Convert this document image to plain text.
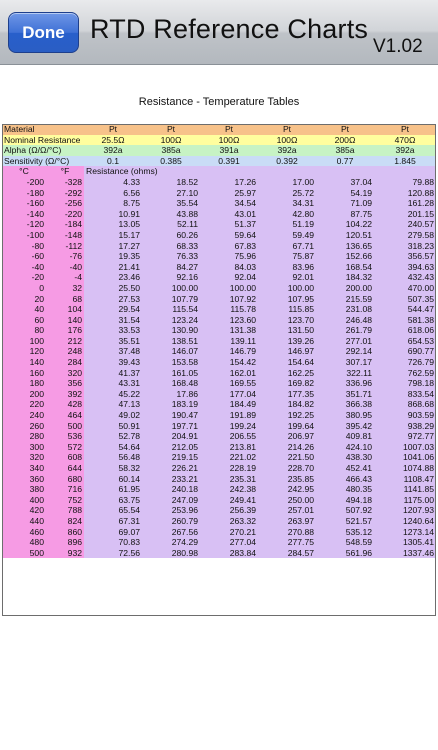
Done RTD Reference Charts
V1.02
Resistance - Temperature Tables
Material		Pt	Pt	Pt	Pt	Pt	Pt
Nominal Resistance		25.5Ω	100Ω	100Ω	100Ω	200Ω	470Ω
Alpha (Ω/Ω/°C)		392a	385a	391a	392a	385a	392a
Sensitivity (Ω/°C)		0.1	0.385	0.391	0.392	0.77	1.845
°C	°F	Resistance (ohms)					
-200	-328	4.33	18.52	17.26	17.00	37.04	79.88
-180	-292	6.56	27.10	25.97	25.72	54.19	120.88
-160	-256	8.75	35.54	34.54	34.31	71.09	161.28
-140	-220	10.91	43.88	43.01	42.80	87.75	201.15
-120	-184	13.05	52.11	51.37	51.19	104.22	240.57
-100	-148	15.17	60.26	59.64	59.49	120.51	279.58
-80	-112	17.27	68.33	67.83	67.71	136.65	318.23
-60	-76	19.35	76.33	75.96	75.87	152.66	356.57
-40	-40	21.41	84.27	84.03	83.96	168.54	394.63
-20	-4	23.46	92.16	92.04	92.01	184.32	432.43
0	32	25.50	100.00	100.00	100.00	200.00	470.00
20	68	27.53	107.79	107.92	107.95	215.59	507.35
40	104	29.54	115.54	115.78	115.85	231.08	544.47
60	140	31.54	123.24	123.60	123.70	246.48	581.38
80	176	33.53	130.90	131.38	131.50	261.79	618.06
100	212	35.51	138.51	139.11	139.26	277.01	654.53
120	248	37.48	146.07	146.79	146.97	292.14	690.77
140	284	39.43	153.58	154.42	154.64	307.17	726.79
160	320	41.37	161.05	162.01	162.25	322.11	762.59
180	356	43.31	168.48	169.55	169.82	336.96	798.18
200	392	45.22	17.86	177.04	177.35	351.71	833.54
220	428	47.13	183.19	184.49	184.82	366.38	868.68
240	464	49.02	190.47	191.89	192.25	380.95	903.59
260	500	50.91	197.71	199.24	199.64	395.42	938.29
280	536	52.78	204.91	206.55	206.97	409.81	972.77
300	572	54.64	212.05	213.81	214.26	424.10	1007.03
320	608	56.48	219.15	221.02	221.50	438.30	1041.06
340	644	58.32	226.21	228.19	228.70	452.41	1074.88
360	680	60.14	233.21	235.31	235.85	466.43	1108.47
380	716	61.95	240.18	242.38	242.95	480.35	1141.85
400	752	63.75	247.09	249.41	250.00	494.18	1175.00
420	788	65.54	253.96	256.39	257.01	507.92	1207.93
440	824	67.31	260.79	263.32	263.97	521.57	1240.64
460	860	69.07	267.56	270.21	270.88	535.12	1273.14
480	896	70.83	274.29	277.04	277.75	548.59	1305.41
500	932	72.56	280.98	283.84	284.57	561.96	1337.46
